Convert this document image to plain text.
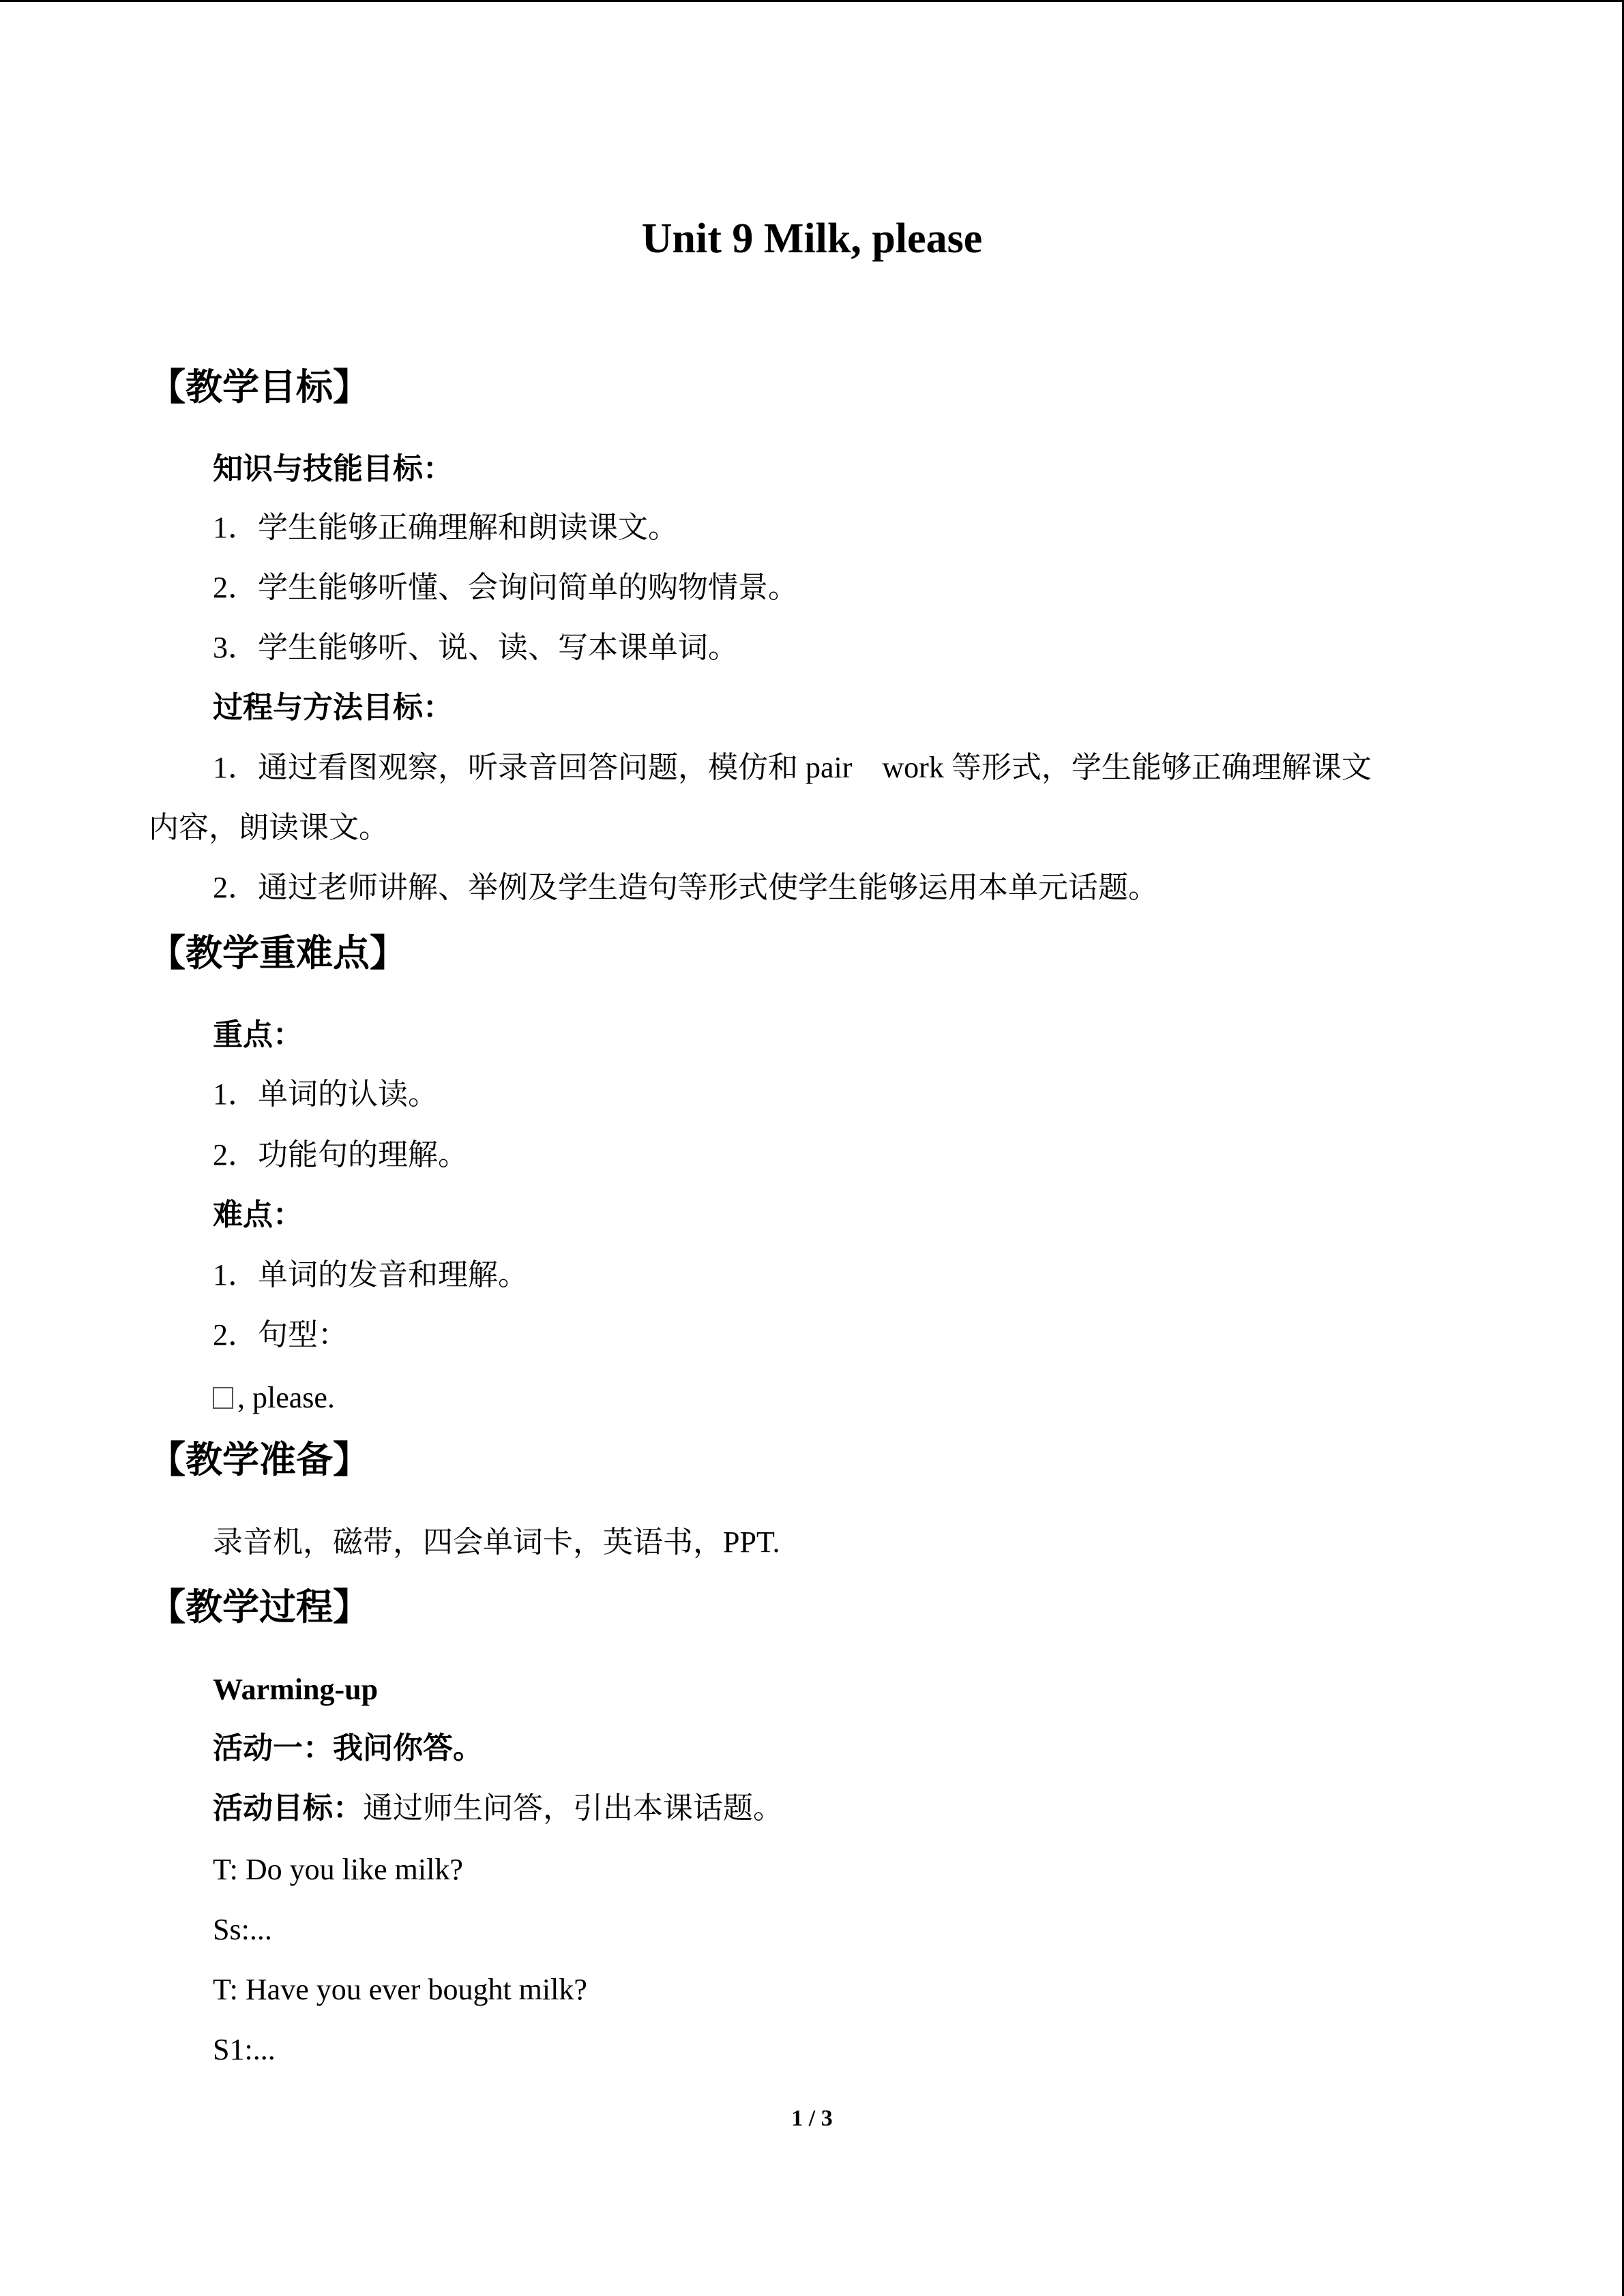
Unit 9 Milk, please
【教学目标】
知识与技能目标：
1．学生能够正确理解和朗读课文。
2．学生能够听懂、会询问简单的购物情景。
3．学生能够听、说、读、写本课单词。
过程与方法目标：
1．通过看图观察，听录音回答问题，模仿和 pair　work 等形式，学生能够正确理解课文
内容，朗读课文。
2．通过老师讲解、举例及学生造句等形式使学生能够运用本单元话题。
【教学重难点】
重点：
1．单词的认读。
2．功能句的理解。
难点：
1．单词的发音和理解。
2．句型：
, please.
【教学准备】
录音机，磁带，四会单词卡，英语书，PPT.
【教学过程】
Warming-up
活动一：我问你答。
活动目标：通过师生问答，引出本课话题。
T: Do you like milk?
Ss:...
T: Have you ever bought milk?
S1:...
1 / 3
